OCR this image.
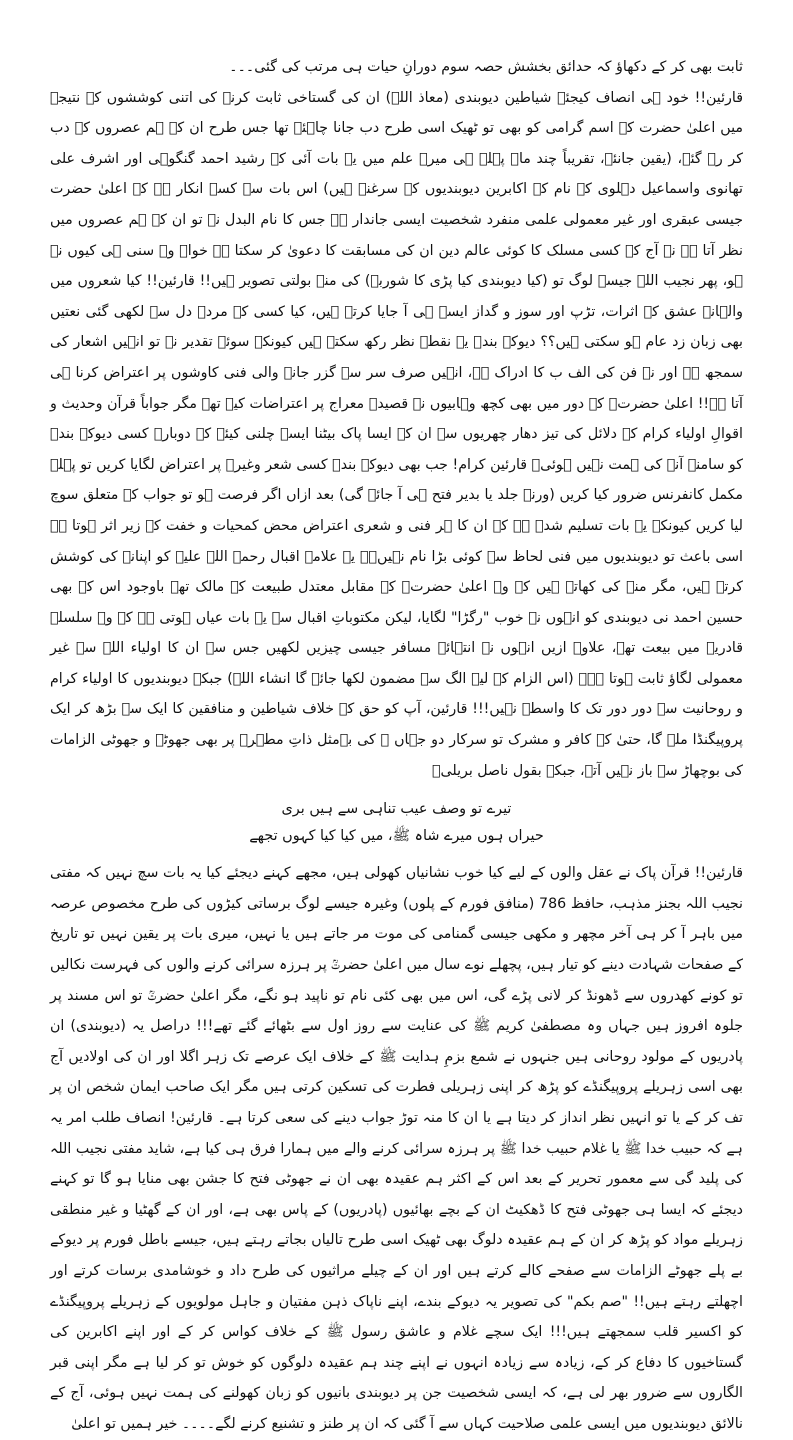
ثابت بھی کر کے دکھاؤ کہ حدائق بخشش حصہ سوم دورانِ حیات ہی مرتب کی گئی۔۔۔

قارئین!! خود ہی انصاف کیجئے شیاطین دیوبندی (معاذ اللہ) ان کی گستاخی ثابت کرنے کی اتنی کوششوں کے نتیجے میں اعلیٰ حضرت کے اسم گرامی کو بھی تو ٹھیک اسی طرح دب جانا چاہئے تھا جس طرح ان کے ہم عصروں کے دب کر رہ گئے، (یقین جانئے، تقریباً چند ماہ پہلے ہی میرے علم میں یہ بات آئی کہ رشید احمد گنگوہی اور اشرف علی تھانوی واسماعیل دہلوی کے نام کے اکابرین دیوبندیوں کے سرغنہ ہیں) اس بات سے کسے انکار ہے کہ اعلیٰ حضرت جیسی عبقری اور غیر معمولی علمی منفرد شخصیت ایسی جاندار ہے جس کا نام البدل نہ تو ان کے ہم عصروں میں نظر آتا ہے نہ آج کے کسی مسلک کا کوئی عالم دین ان کی مسابقت کا دعویٰ کر سکتا ہے خواہ وہ سنی ہی کیوں نہ ہو، پھر نجیب اللہ جیسے لوگ تو (کیا دیوبندی کیا پڑی کا شوربہ) کی منہ بولتی تصویر ہیں!! قارئین!! کیا شعروں میں والہانہ عشق کے اثرات، تڑپ اور سوز و گداز ایسے ہی آ جایا کرتے ہیں، کیا کسی کے مردہ دل سے لکھی گئی نعتیں بھی زبان زد عام ہو سکتی ہیں؟؟ دیوکے بندے یہ نقطہ نظر رکھ سکتے ہیں کیونکہ سوئے تقدیر نہ تو انہیں اشعار کی سمجھ ہے اور نہ فن کی الف ب کا ادراک ہے، انہیں صرف سر سے گزر جانے والی فنی کاوشوں پر اعتراض کرنا ہی آتا ہے!! اعلیٰ حضرتؒ کے دور میں بھی کچھ وہابیوں نے قصیدہ معراج پر اعتراضات کیے تھے مگر جواباً قرآن وحدیث و اقوالِ اولیاء کرام کے دلائل کی تیز دھار چھریوں سے ان کے ایسا پاک بیٹنا ایسے چلنی کیئے کہ دوبارہ کسی دیوکے بندے کو سامنے آنے کی ہمت نہیں ہوئی۔ قارئین کرام! جب بھی دیوکے بندے کسی شعر وغیرہ پر اعتراض لگایا کریں تو پہلے مکمل کانفرنس ضرور کیا کریں (ورنہ جلد یا بدیر فتح ہی آ جائے گی) بعد ازاں اگر فرصت ہو تو جواب کے متعلق سوچ لیا کریں کیونکہ یہ بات تسلیم شدہ ہے کہ ان کا ہر فنی و شعری اعتراض محض کمحیات و خفت کے زیر اثر ہوتا ہے اسی باعث تو دیوبندیوں میں فنی لحاظ سے کوئی بڑا نام نہیں۔۔ یہ علامہ اقبال رحمۃ اللہ علیہ کو اپنانے کی کوشش کرتے ہیں، مگر منہ کی کھاتے ہیں کہ وہ اعلیٰ حضرتؒ کے مقابل معتدل طبیعت کے مالک تھے باوجود اس کے بھی حسین احمد نی دیوبندی کو انہوں نے خوب "رگڑا" لگایا، لیکن مکتوباتِ اقبال سے یہ بات عیاں ہوتی ہے کہ وہ سلسلہ قادریہ میں بیعت تھے، علاوہ ازیں انہوں نے انتہائے مسافر جیسی چیزیں لکھیں جس سے ان کا اولیاء اللہ سے غیر معمولی لگاؤ ثابت ہوتا ہے۔ (اس الزام کے لیے الگ سے مضمون لکھا جائے گا انشاء اللہ) جبکہ دیوبندیوں کا اولیاء کرام و روحانیت سے دور دور تک کا واسطہ نہیں!!! قارئین، آپ کو حق کے خلاف شیاطین و منافقین کا ایک سے بڑھ کر ایک پروپیگنڈا ملے گا، حتیٰ کہ کافر و مشرک تو سرکار دو جہاں ﷺ کی بےمثل ذاتِ مطہرہ پر بھی جھوٹے و جھوٹی الزامات کی بوچھاڑ سے باز نہیں آتے، جبکہ بقول ناصل بریلیؒ

تیرے تو وصف عیب تناہی سے ہیں بری
حیراں ہوں میرے شاہ ﷺ، میں کیا کیا کہوں تجھے

قارئین!! قرآن پاک نے عقل والوں کے لیے کیا خوب نشانیاں کھولی ہیں، مجھے کہنے دیجئے کیا یہ بات سچ نہیں کہ مفتی نجیب اللہ بجنز مذہب، حافظ 786 (منافق فورم کے پلوں) وغیرہ جیسے لوگ برساتی کیڑوں کی طرح مخصوص عرصہ میں باہر آ کر ہی آخر مچھر و مکھی جیسی گمنامی کی موت مر جاتے ہیں یا نہیں، میری بات پر یقین نہیں تو تاریخ کے صفحات شہادت دینے کو تیار ہیں، پچھلے نوے سال میں اعلیٰ حضرتؒ پر ہرزہ سرائی کرنے والوں کی فہرست نکالیں تو کونے کھدروں سے ڈھونڈ کر لانی پڑے گی، اس میں بھی کئی نام تو ناپید ہو نگے، مگر اعلیٰ حضرتؒ تو اس مسند پر جلوہ افروز ہیں جہاں وہ مصطفیٰ کریم ﷺ کی عنایت سے روز اول سے بٹھائے گئے تھے!!! دراصل یہ (دیوبندی) ان پادریوں کے مولود روحانی ہیں جنہوں نے شمع بزمِ ہدایت ﷺ کے خلاف ایک عرصے تک زہر اگلا اور ان کی اولادیں آج بھی اسی زہریلے پروپیگنڈے کو پڑھ کر اپنی زہریلی فطرت کی تسکین کرتی ہیں مگر ایک صاحب ایمان شخص ان پر تف کر کے یا تو انہیں نظر انداز کر دیتا ہے یا ان کا منہ توڑ جواب دینے کی سعی کرتا ہے۔ قارئین! انصاف طلب امر یہ ہے کہ حبیب خدا ﷺ یا غلام حبیب خدا ﷺ پر ہرزہ سرائی کرنے والے میں ہمارا فرق ہی کیا ہے، شاید مفتی نجیب اللہ کی پلید گی سے معمور تحریر کے بعد اس کے اکثر ہم عقیدہ بھی ان نے جھوٹی فتح کا جشن بھی منایا ہو گا تو کہنے دیجئے کہ ایسا ہی جھوٹی فتح کا ڈھکیٹ ان کے بچے بھائیوں (پادریوں) کے پاس بھی ہے، اور ان کے گھٹیا و غیر منطقی زہریلے مواد کو پڑھ کر ان کے ہم عقیدہ دلوگ بھی ٹھیک اسی طرح تالیاں بجاتے رہتے ہیں، جیسے باطل فورم پر دیوکے بے پلے جھوٹے الزامات سے صفحے کالے کرتے ہیں اور ان کے چیلے مراثیوں کی طرح داد و خوشامدی برسات کرتے اور اچھلتے رہتے ہیں!! "صم بکم" کی تصویر یہ دیوکے بندے، اپنے ناپاک ذہن مفتیان و جاہل مولویوں کے زہریلے پروپیگنڈے کو اکسیر قلب سمجھتے ہیں!!! ایک سچے غلام و عاشق رسول ﷺ کے خلاف کواس کر کے اور اپنے اکابرین کی گستاخیوں کا دفاع کر کے، زیادہ سے زیادہ انہوں نے اپنے چند ہم عقیدہ دلوگوں کو خوش تو کر لیا ہے مگر اپنی قبر الگاروں سے ضرور بھر لی ہے، کہ ایسی شخصیت جن پر دیوبندی بانیوں کو زبان کھولنے کی ہمت نہیں ہوئی، آج کے نالائق دیوبندیوں میں ایسی علمی صلاحیت کہاں سے آ گئی کہ ان پر طنز و تشنیع کرنے لگے۔۔۔۔ خیر ہمیں تو اعلیٰ
